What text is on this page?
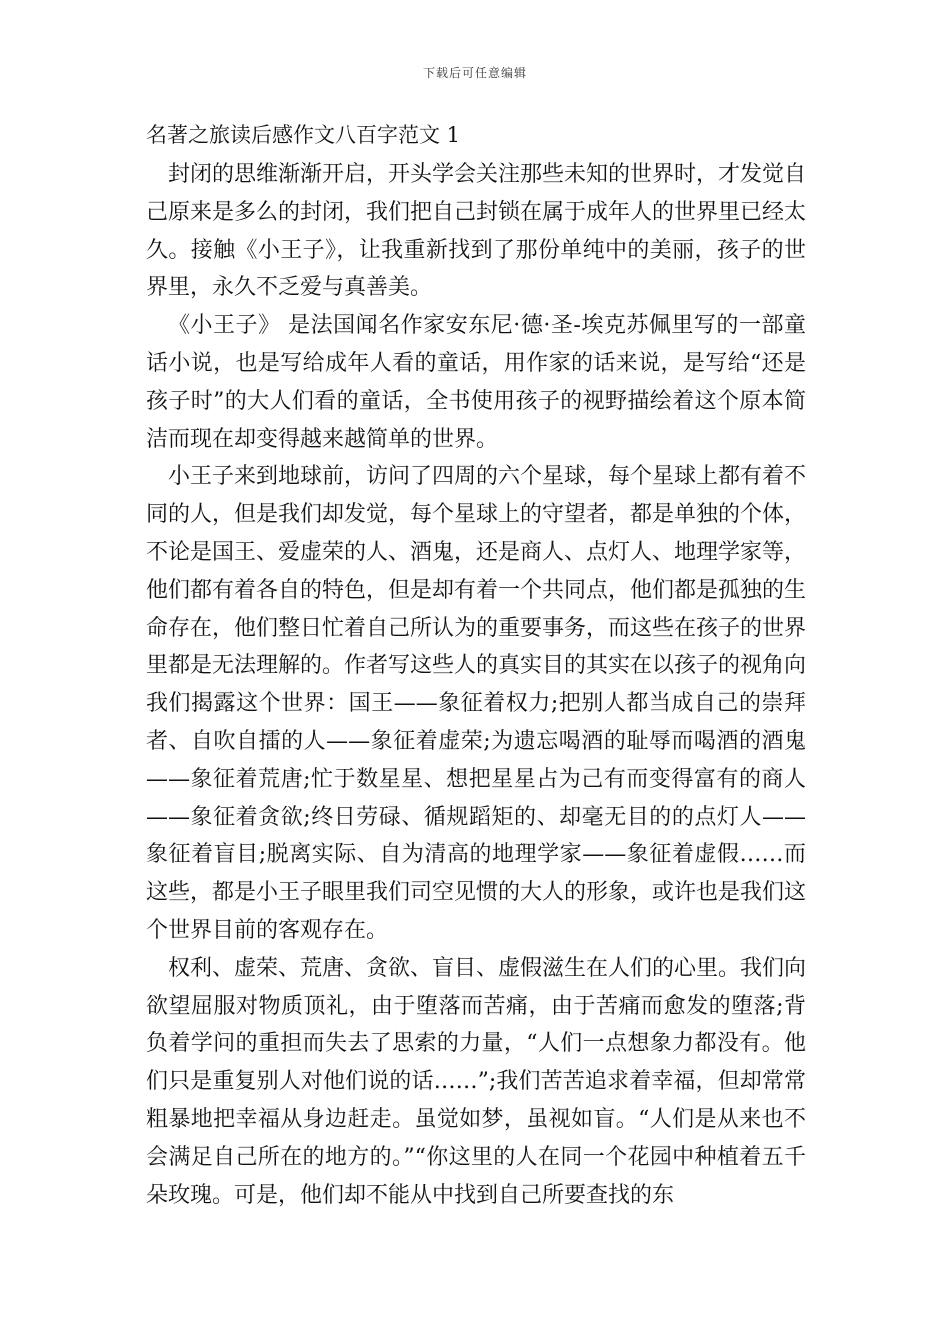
下载后可任意编辑
名著之旅读后感作文八百字范文 1

封闭的思维渐渐开启，开头学会关注那些未知的世界时，才发觉自己原来是多么的封闭，我们把自己封锁在属于成年人的世界里已经太久。接触《小王子》，让我重新找到了那份单纯中的美丽，孩子的世界里，永久不乏爱与真善美。

《小王子》 是法国闻名作家安东尼·德·圣-埃克苏佩里写的一部童话小说，也是写给成年人看的童话，用作家的话来说，是写给“还是孩子时”的大人们看的童话，全书使用孩子的视野描绘着这个原本简洁而现在却变得越来越简单的世界。

小王子来到地球前，访问了四周的六个星球，每个星球上都有着不同的人，但是我们却发觉，每个星球上的守望者，都是单独的个体，不论是国王、爱虚荣的人、酒鬼，还是商人、点灯人、地理学家等，他们都有着各自的特色，但是却有着一个共同点，他们都是孤独的生命存在，他们整日忙着自己所认为的重要事务，而这些在孩子的世界里都是无法理解的。作者写这些人的真实目的其实在以孩子的视角向我们揭露这个世界：国王——象征着权力;把别人都当成自己的崇拜者、自吹自擂的人——象征着虚荣;为遗忘喝酒的耻辱而喝酒的酒鬼——象征着荒唐;忙于数星星、想把星星占为己有而变得富有的商人——象征着贪欲;终日劳碌、循规蹈矩的、却毫无目的的点灯人——象征着盲目;脱离实际、自为清高的地理学家——象征着虚假……而这些，都是小王子眼里我们司空见惯的大人的形象，或许也是我们这个世界目前的客观存在。

权利、虚荣、荒唐、贪欲、盲目、虚假滋生在人们的心里。我们向欲望屈服对物质顶礼，由于堕落而苦痛，由于苦痛而愈发的堕落;背负着学问的重担而失去了思索的力量，“人们一点想象力都没有。他们只是重复别人对他们说的话……”;我们苦苦追求着幸福，但却常常粗暴地把幸福从身边赶走。虽觉如梦，虽视如盲。“人们是从来也不会满足自己所在的地方的。”“你这里的人在同一个花园中种植着五千朵玫瑰。可是，他们却不能从中找到自己所要查找的东
